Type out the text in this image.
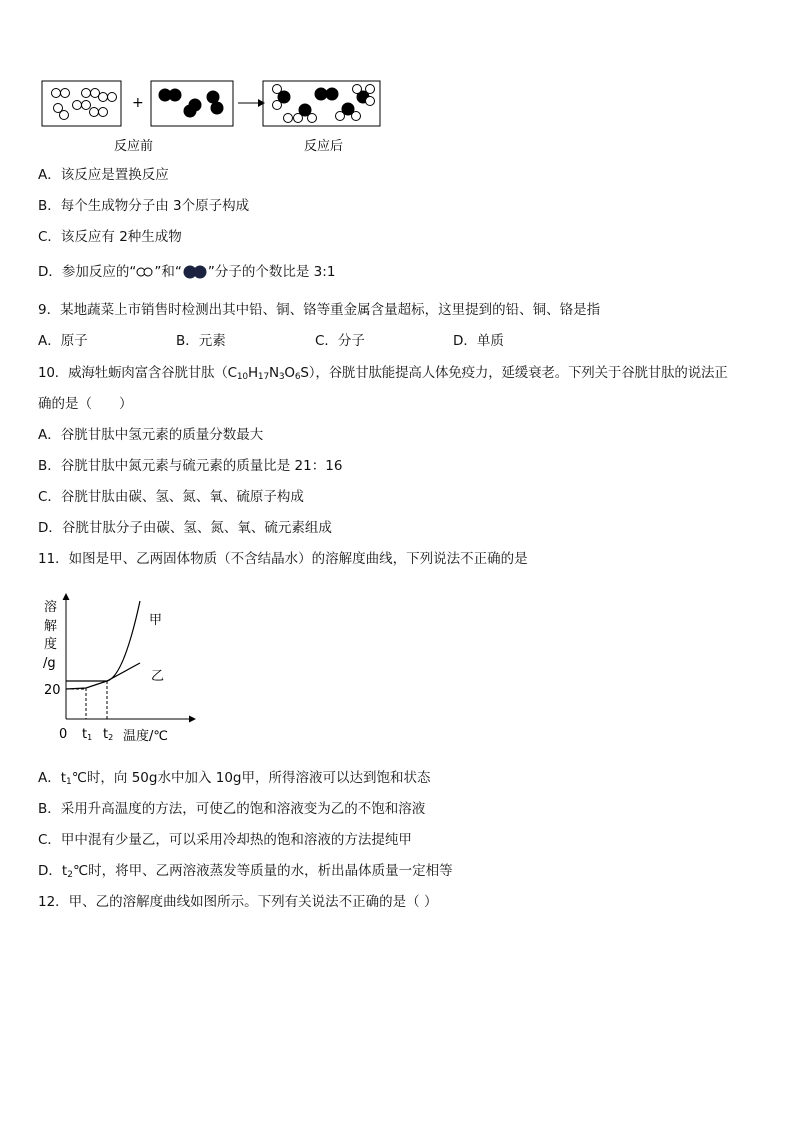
+
反应前	反应后
A．该反应是置换反应
B．每个生成物分子由 3个原子构成
C．该反应有 2种生成物
D．参加反应的“ ”和“ ”分子的个数比是 3:1
9．某地蔬菜上市销售时检测出其中铅、铜、铬等重金属含量超标，这里提到的铅、铜、铬是指
A．原子	B．元素	C．分子	D．单质
10．威海牡蛎肉富含谷胱甘肽$(C_{10}H_{17}N_3O_6S)$，谷胱甘肽能提高人体免疫力，延缓衰老。下列关于谷胱甘肽的说法正
确的是（　　）
A．谷胱甘肽中氢元素的质量分数最大
B．谷胱甘肽中氮元素与硫元素的质量比是 21：16
C．谷胱甘肽由碳、氢、氮、氧、硫原子构成
D．谷胱甘肽分子由碳、氢、氮、氧、硫元素组成
11．如图是甲、乙两固体物质（不含结晶水）的溶解度曲线，下列说法不正确的是
溶
解
度
/g
20
甲
乙
0 t1 t2 温度/℃
A．$t_1℃$时，向 50g水中加入 10g甲，所得溶液可以达到饱和状态
B．采用升高温度的方法，可使乙的饱和溶液变为乙的不饱和溶液
C．甲中混有少量乙，可以采用冷却热的饱和溶液的方法提纯甲
D．$t_2℃$时，将甲、乙两溶液蒸发等质量的水，析出晶体质量一定相等
12．甲、乙的溶解度曲线如图所示。下列有关说法不正确的是（ ）
